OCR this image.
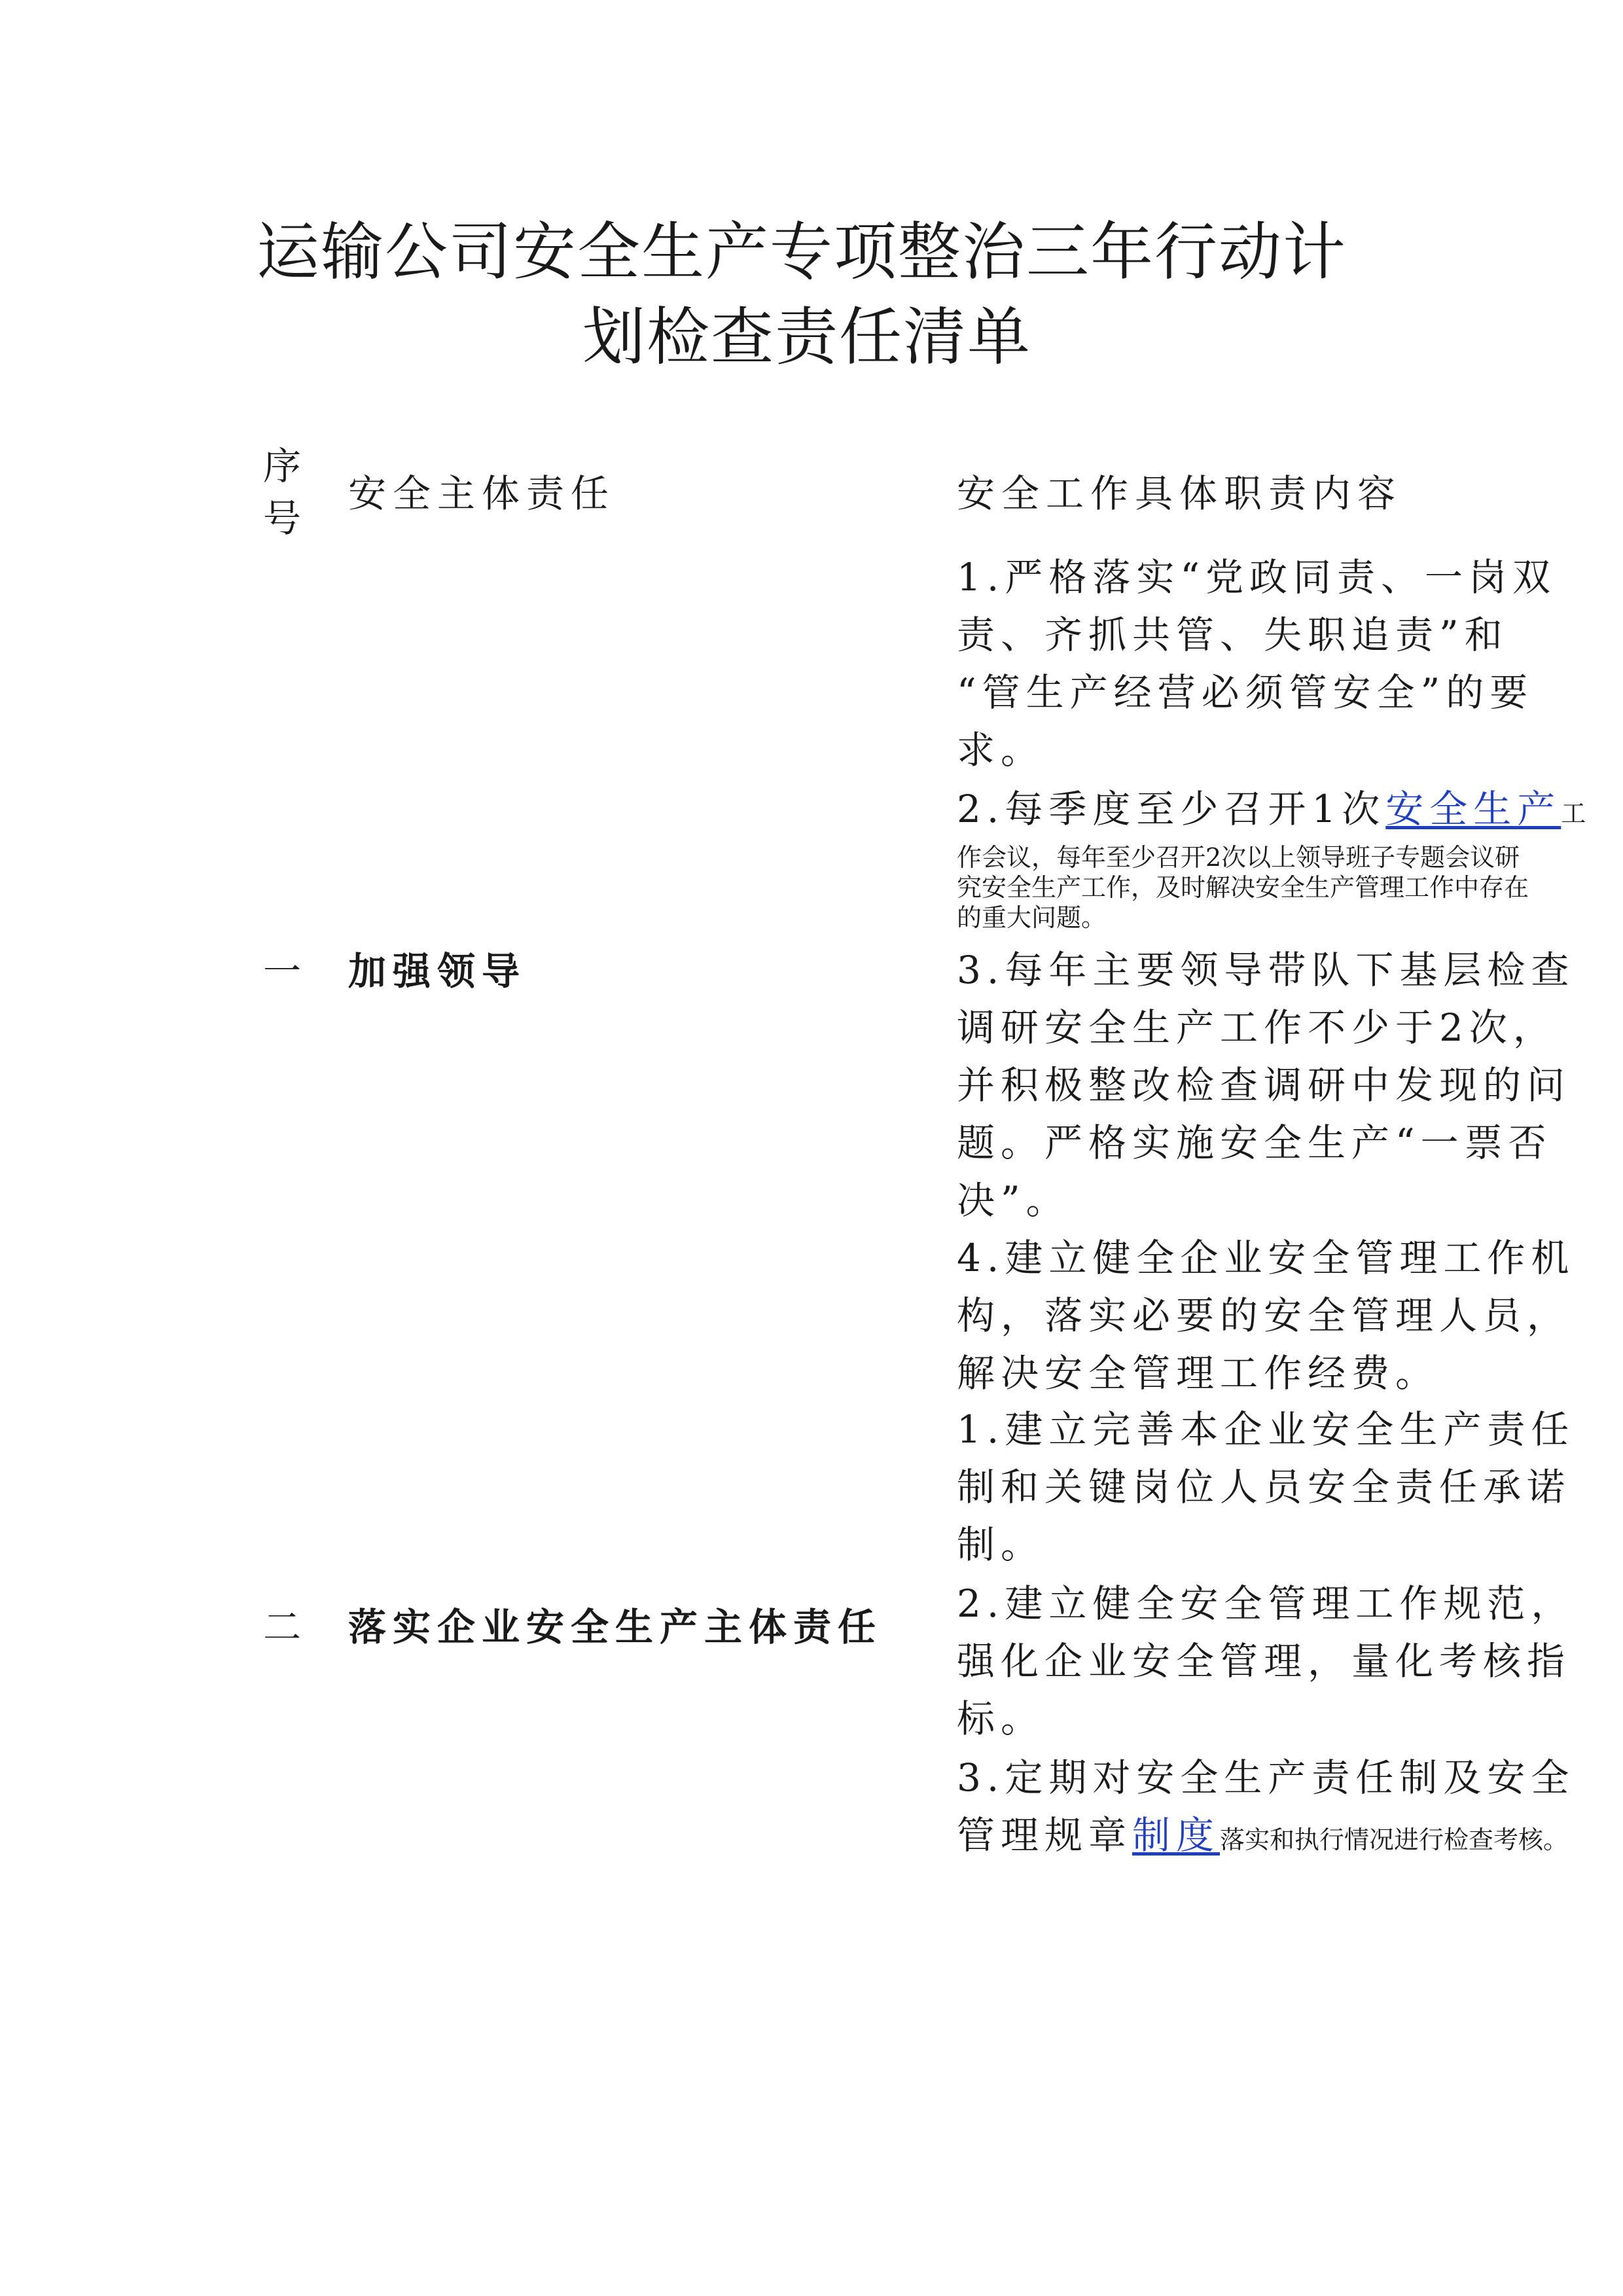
运输公司安全生产专项整治三年行动计
划检查责任清单
序
号
安全主体责任	安全工作具体职责内容
一 加强领导
1.严格落实“党政同责、一岗双
责、齐抓共管、失职追责”和
“管生产经营必须管安全”的要
求。
2.每季度至少召开1次安全生产工
作会议，每年至少召开2次以上领导班子专题会议研
究安全生产工作，及时解决安全生产管理工作中存在
的重大问题。
3.每年主要领导带队下基层检查
调研安全生产工作不少于2次，
并积极整改检查调研中发现的问
题。严格实施安全生产“一票否
决”。
4.建立健全企业安全管理工作机
构，落实必要的安全管理人员，
解决安全管理工作经费。
二 落实企业安全生产主体责任
1.建立完善本企业安全生产责任
制和关键岗位人员安全责任承诺
制。
2.建立健全安全管理工作规范，
强化企业安全管理，量化考核指
标。
3.定期对安全生产责任制及安全
管理规章制度落实和执行情况进行检查考核。
